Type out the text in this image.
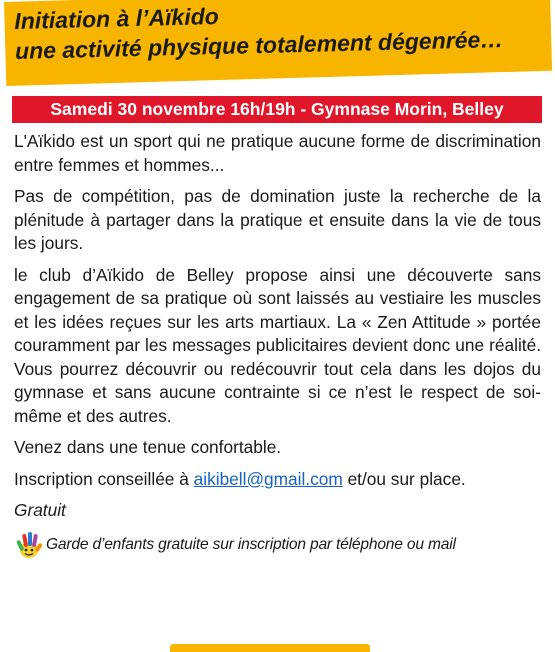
Initiation à l’Aïkido
une activité physique totalement dégenrée…
Samedi 30 novembre 16h/19h - Gymnase Morin, Belley

L'Aïkido est un sport qui ne pratique aucune forme de discrimination entre femmes et hommes...

Pas de compétition, pas de domination juste la recherche de la plénitude à partager dans la pratique et ensuite dans la vie de tous les jours.

le club d’Aïkido de Belley propose ainsi une découverte sans engagement de sa pratique où sont laissés au vestiaire les muscles et les idées reçues sur les arts martiaux. La « Zen Attitude » portée couramment par les messages publicitaires devient donc une réalité. Vous pourrez découvrir ou redécouvrir tout cela dans les dojos du gymnase et sans aucune contrainte si ce n’est le respect de soi-même et des autres.

Venez dans une tenue confortable.

Inscription conseillée à aikibell@gmail.com et/ou sur place.

Gratuit

Garde d’enfants gratuite sur inscription par téléphone ou mail
